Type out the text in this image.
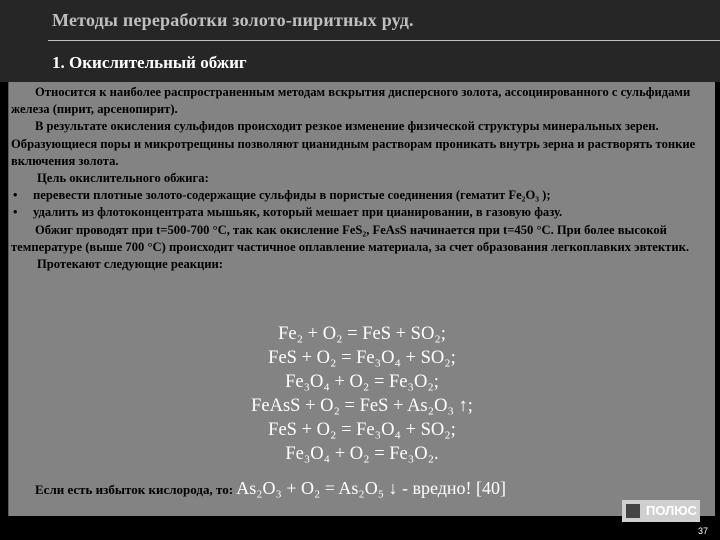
Методы переработки золото-пиритных руд.
1. Окислительный обжиг

Относится к наиболее распространенным методам вскрытия дисперсного золота, ассоциированного с сульфидами железа (пирит, арсенопирит).

В результате окисления сульфидов происходит резкое изменение физической структуры минеральных зерен. Образующиеся поры и микротрещины позволяют цианидным растворам проникать внутрь зерна и растворять тонкие включения золота.

Цель окислительного обжига:

• перевести плотные золото-содержащие сульфиды в пористые соединения (гематит Fe₂O₃ );

• удалить из флотоконцентрата мышьяк, который мешает при цианировании, в газовую фазу.

Обжиг проводят при t=500-700 °С, так как окисление FeS₂, FeAsS начинается при t=450 °С. При более высокой температуре (выше 700 °С) происходит частичное оплавление материала, за счет образования легкоплавких эвтектик.

Протекают следующие реакции:

Fe₂ + O₂ = FeS + SO₂;
FeS + O₂ = Fe₃O₄ + SO₂;
Fe₃O₄ + O₂ = Fe₃O₂;
FeAsS + O₂ = FeS + As₂O₃ ↑;
FeS + O₂ = Fe₃O₄ + SO₂;
Fe₃O₄ + O₂ = Fe₃O₂.
Если есть избыток кислорода, то: As₂O₃ + O₂ = As₂O₅ ↓ - вредно! [40]
ПОЛЮС
37
